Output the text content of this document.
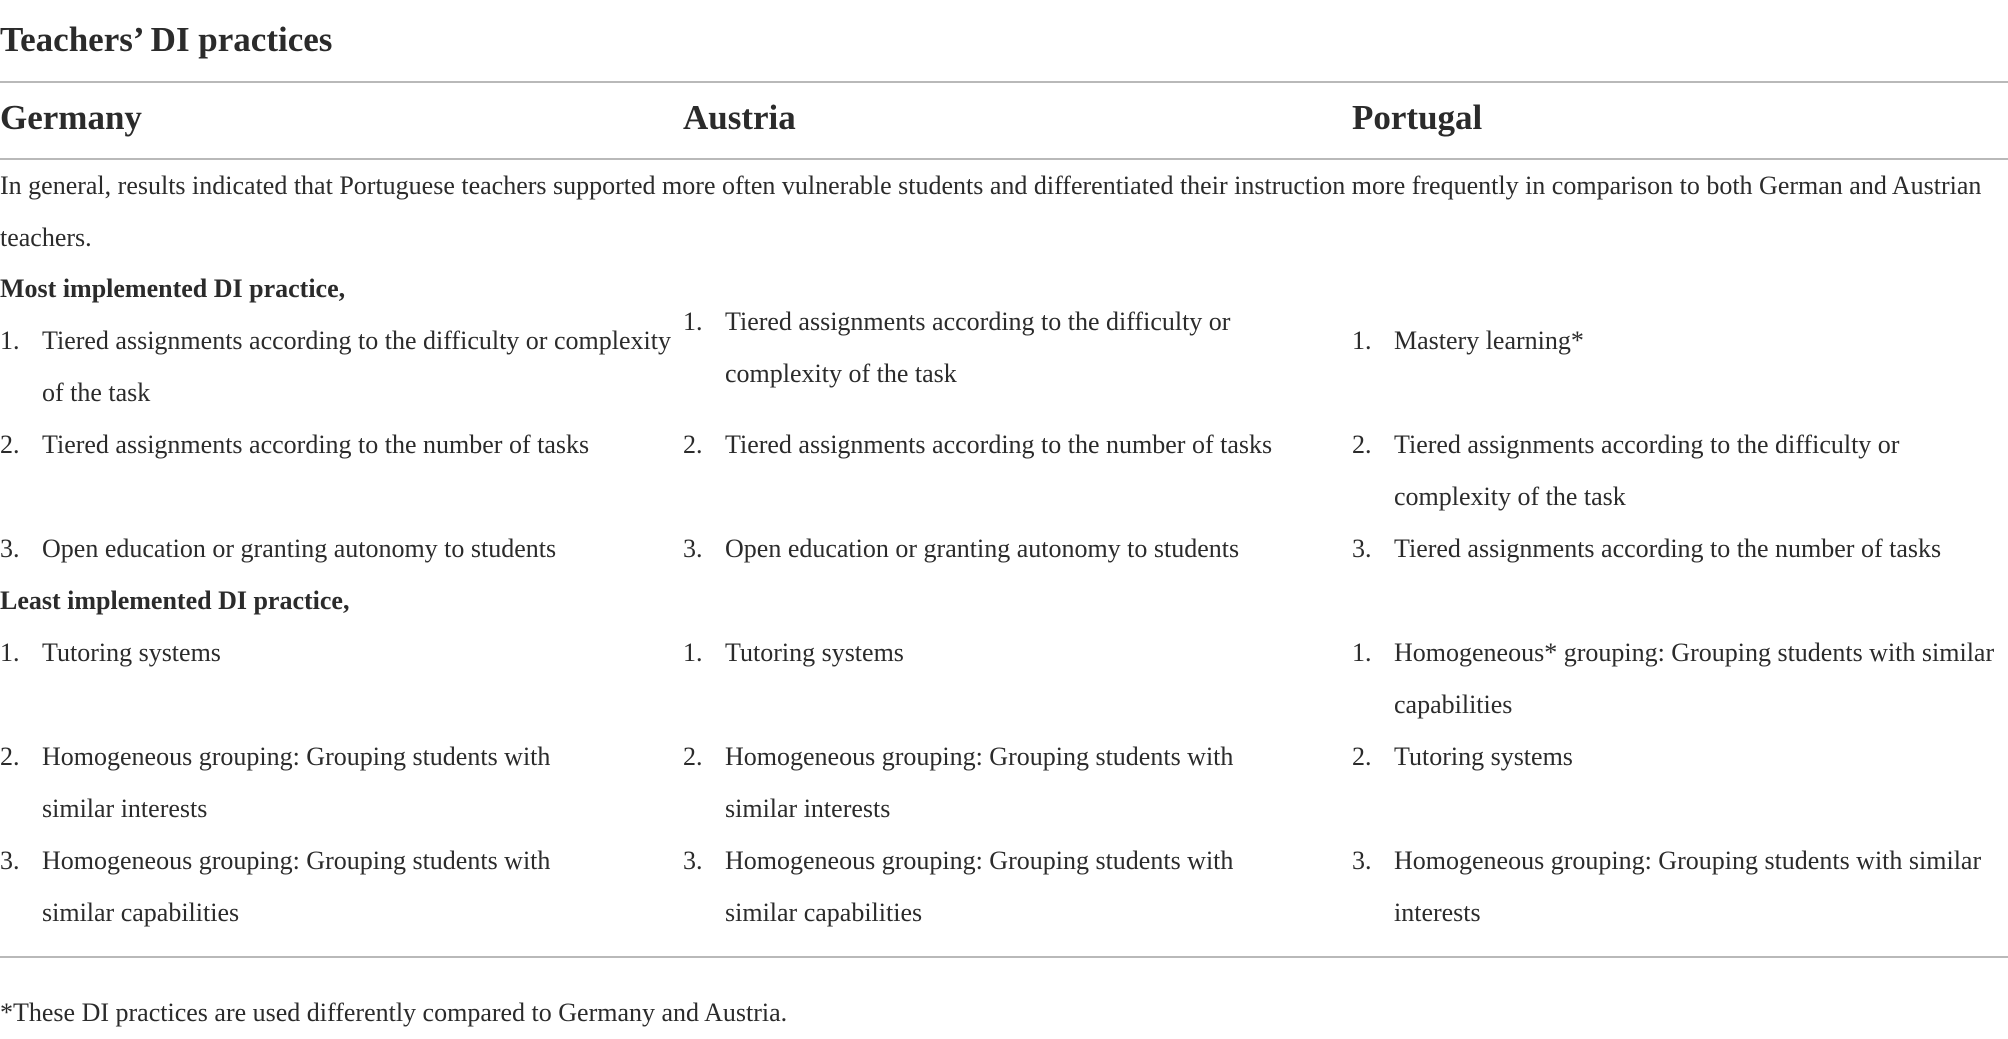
Teachers’ DI practices
Germany	Austria	Portugal
In general, results indicated that Portuguese teachers supported more often vulnerable students and differentiated their instruction more frequently in comparison to both German and Austrian teachers.
Most implemented DI practice,
1. Tiered assignments according to the difficulty or complexity of the task
2. Tiered assignments according to the number of tasks
3. Open education or granting autonomy to students
1. Tiered assignments according to the difficulty or complexity of the task
2. Tiered assignments according to the number of tasks
3. Open education or granting autonomy to students
1. Mastery learning*
2. Tiered assignments according to the difficulty or complexity of the task
3. Tiered assignments according to the number of tasks
Least implemented DI practice,
1. Tutoring systems
2. Homogeneous grouping: Grouping students with similar interests
3. Homogeneous grouping: Grouping students with similar capabilities
1. Tutoring systems
2. Homogeneous grouping: Grouping students with similar interests
3. Homogeneous grouping: Grouping students with similar capabilities
1. Homogeneous* grouping: Grouping students with similar capabilities
2. Tutoring systems
3. Homogeneous grouping: Grouping students with similar interests
*These DI practices are used differently compared to Germany and Austria.
